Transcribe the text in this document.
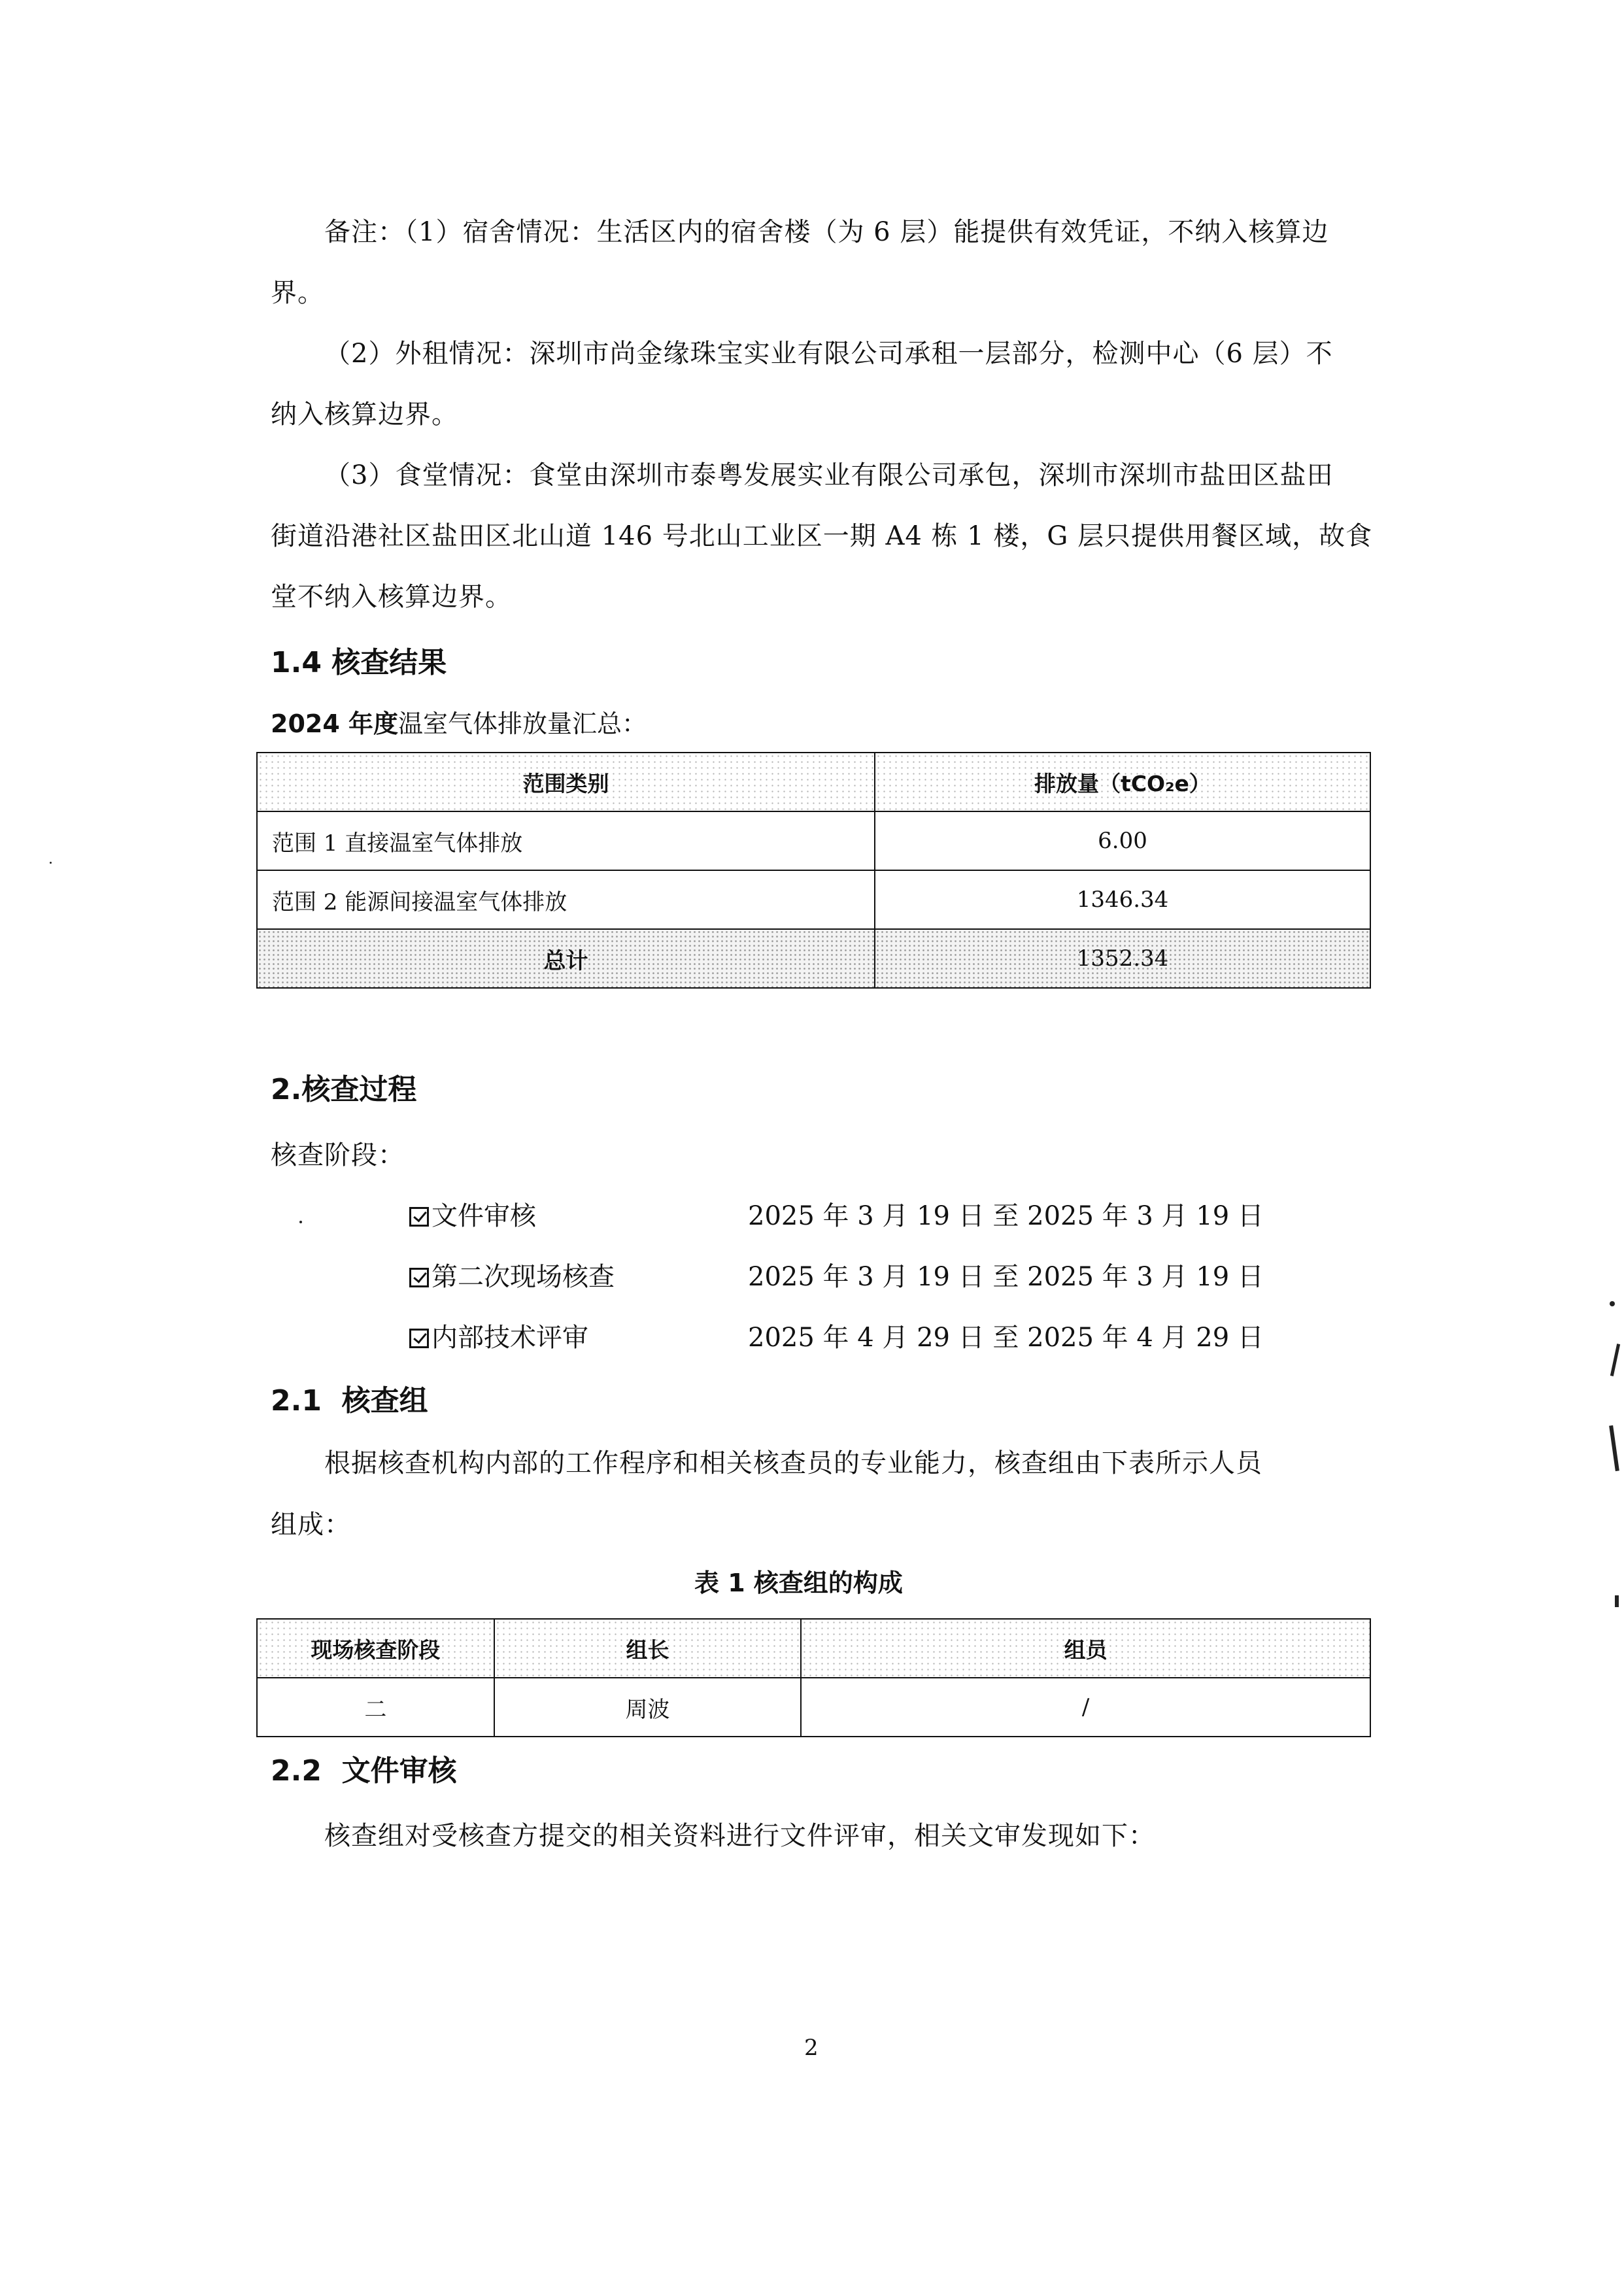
备注：（1）宿舍情况：生活区内的宿舍楼（为 6 层）能提供有效凭证，不纳入核算边
界。
（2）外租情况：深圳市尚金缘珠宝实业有限公司承租一层部分，检测中心（6 层）不
纳入核算边界。
（3）食堂情况：食堂由深圳市泰粤发展实业有限公司承包，深圳市深圳市盐田区盐田
街道沿港社区盐田区北山道 146 号北山工业区一期 A4 栋 1 楼，G 层只提供用餐区域，故食
堂不纳入核算边界。
1.4 核查结果
2024 年度温室气体排放量汇总：
范围类别	排放量（tCO₂e）
范围 1 直接温室气体排放	6.00
范围 2 能源间接温室气体排放	1346.34
总计	1352.34
2.核查过程
核查阶段：
文件审核	2025 年 3 月 19 日 至 2025 年 3 月 19 日
第二次现场核查	2025 年 3 月 19 日 至 2025 年 3 月 19 日
内部技术评审	2025 年 4 月 29 日 至 2025 年 4 月 29 日
2.1 核查组
根据核查机构内部的工作程序和相关核查员的专业能力，核查组由下表所示人员
组成：
表 1 核查组的构成
现场核查阶段	组长	组员
二	周波	/
2.2 文件审核
核查组对受核查方提交的相关资料进行文件评审，相关文审发现如下：
2
